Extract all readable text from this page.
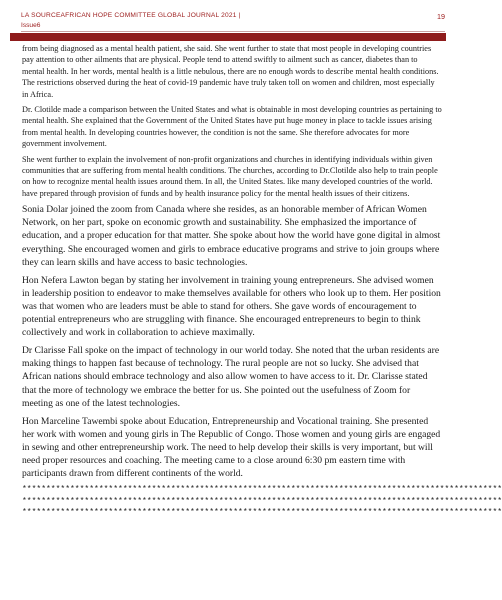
LA SOURCEAFRICAN HOPE COMMITTEE GLOBAL JOURNAL 2021 |
Issue6
19

from being diagnosed as a mental health patient, she said. She went further to state that most people in developing countries pay attention to other ailments that are physical. People tend to attend swiftly to ailment such as cancer, diabetes than to mental health. In her words, mental health is a little nebulous, there are no enough words to describe mental health conditions. The restrictions observed during the heat of covid-19 pandemic have truly taken toll on women and children, most especially in Africa.

Dr. Clotilde made a comparison between the United States and what is obtainable in most developing countries as pertaining to mental health. She explained that the Government of the United States have put huge money in place to tackle issues arising from mental health. In developing countries however, the condition is not the same. She therefore advocates for more government involvement.

She went further to explain the involvement of non-profit organizations and churches in identifying individuals within given communities that are suffering from mental health conditions. The churches, according to Dr.Clotilde also help to train people on how to recognize mental health issues around them. In all, the United States. like many developed countries of the world. have prepared through provision of funds and by health insurance policy for the mental health issues of their citizens.

Sonia Dolar joined the zoom from Canada where she resides, as an honorable member of African Women Network, on her part, spoke on economic growth and sustainability. She emphasized the importance of education, and a proper education for that matter. She spoke about how the world have gone digital in almost everything. She encouraged women and girls to embrace educative programs and strive to join groups where they can learn skills and have access to basic technologies.

Hon Nefera Lawton began by stating her involvement in training young entrepreneurs. She advised women in leadership position to endeavor to make themselves available for others who look up to them. Her position was that women who are leaders must be able to stand for others. She gave words of encouragement to potential entrepreneurs who are struggling with finance. She encouraged entrepreneurs to begin to think collectively and work in collaboration to achieve maximally.

Dr Clarisse Fall spoke on the impact of technology in our world today. She noted that the urban residents are making things to happen fast because of technology. The rural people are not so lucky. She advised that African nations should embrace technology and also allow women to have access to it. Dr. Clarisse stated that the more of technology we embrace the better for us. She pointed out the usefulness of Zoom for meeting as one of the latest technologies.

Hon Marceline Tawembi spoke about Education, Entrepreneurship and Vocational training. She presented her work with women and young girls in The Republic of Congo. Those women and young girls are engaged in sewing and other entrepreneurship work. The need to help develop their skills is very important, but will need proper resources and coaching. The meeting came to a close around 6:30 pm eastern time with participants drawn from different continents of the world.

****************************************************************************************************
****************************************************************************************************
****************************************************************************************************
